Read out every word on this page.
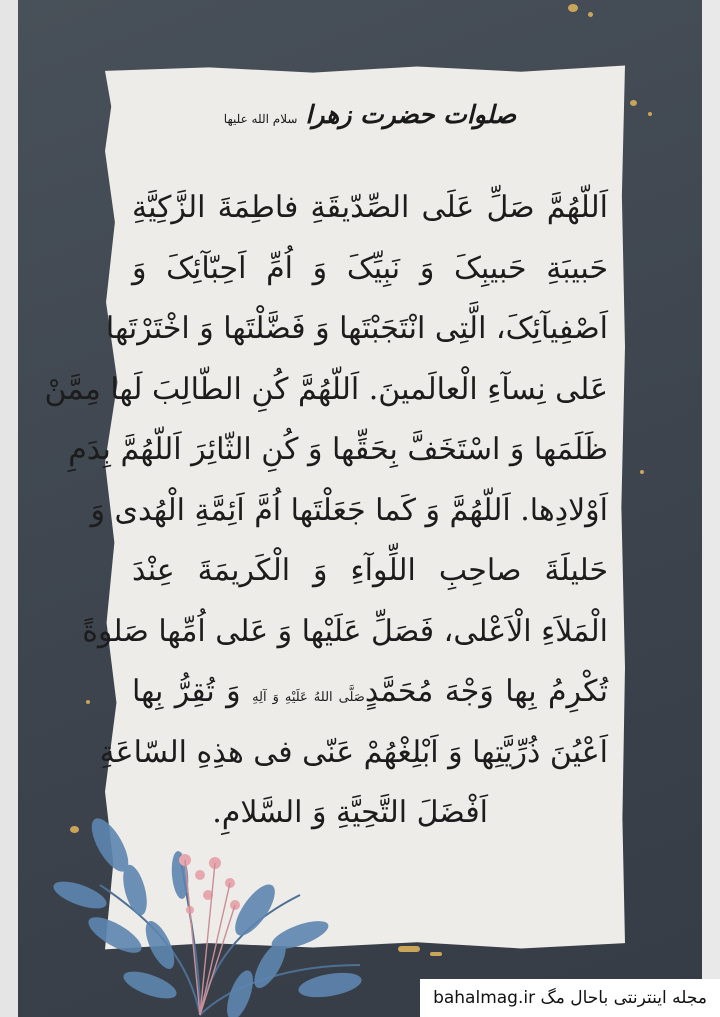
صلوات حضرت زهرا
سلام الله علیها
اَللّهُمَّ صَلِّ عَلَی الصِّدّیقَةِ فاطِمَةَ الزَّکِیَّةِ
حَبیبَةِ حَبیبِکَ وَ نَبِیِّکَ وَ اُمِّ اَحِبّآئِکَ وَ
اَصْفِیآئِکَ، الَّتِی انْتَجَبْتَها وَ فَضَّلْتَها وَ اخْتَرْتَها
عَلی نِسآءِ الْعالَمینَ. اَللّهُمَّ کُنِ الطّالِبَ لَها مِمَّنْ
ظَلَمَها وَ اسْتَخَفَّ بِحَقِّها وَ کُنِ الثّائِرَ اَللّهُمَّ بِدَمِ
اَوْلادِها. اَللّهُمَّ وَ کَما جَعَلْتَها اُمَّ اَئِمَّةِ الْهُدی وَ
حَلیلَةَ صاحِبِ اللِّوآءِ وَ الْکَریمَةَ عِنْدَ
الْمَلاَءِ الْاَعْلی، فَصَلِّ عَلَیْها وَ عَلی اُمِّها صَلوةً
تُکْرِمُ بِها وَجْهَ مُحَمَّدٍصَلَّی اللهُ عَلَیْهِ وَ آلِهِ وَ تُقِرُّ بِها
اَعْیُنَ ذُرِّیَّتِها وَ اَبْلِغْهُمْ عَنّی فی هذِهِ السّاعَةِ
اَفْضَلَ التَّحِیَّةِ وَ السَّلامِ.
مجله اینترنتی باحال مگ bahalmag.ir
